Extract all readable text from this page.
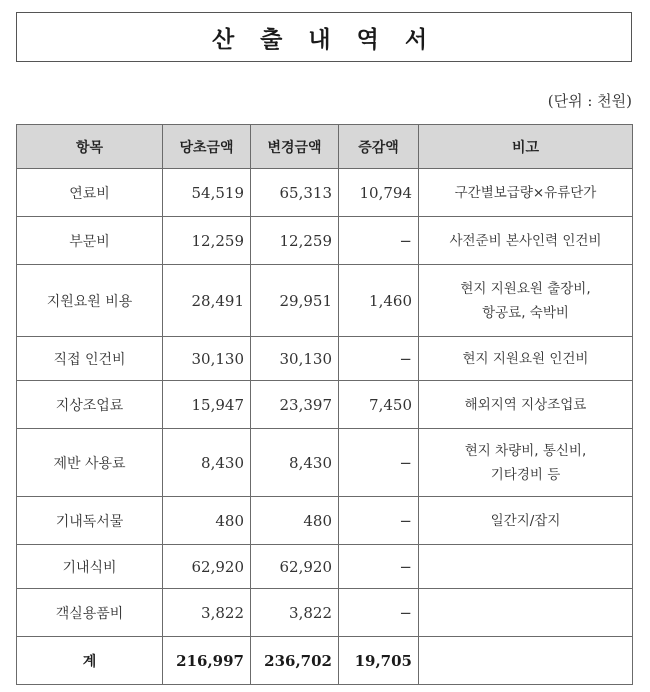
산 출 내 역 서
(단위 : 천원)
항목	당초금액	변경금액	증감액	비고
연료비	54,519	65,313	10,794	구간별보급량×유류단가
부문비	12,259	12,259	−	사전준비 본사인력 인건비
지원요원 비용	28,491	29,951	1,460	현지 지원요원 출장비,
항공료, 숙박비
직접 인건비	30,130	30,130	−	현지 지원요원 인건비
지상조업료	15,947	23,397	7,450	해외지역 지상조업료
제반 사용료	8,430	8,430	−	현지 차량비, 통신비,
기타경비 등
기내독서물	480	480	−	일간지/잡지
기내식비	62,920	62,920	−	
객실용품비	3,822	3,822	−	
계	216,997	236,702	19,705	
